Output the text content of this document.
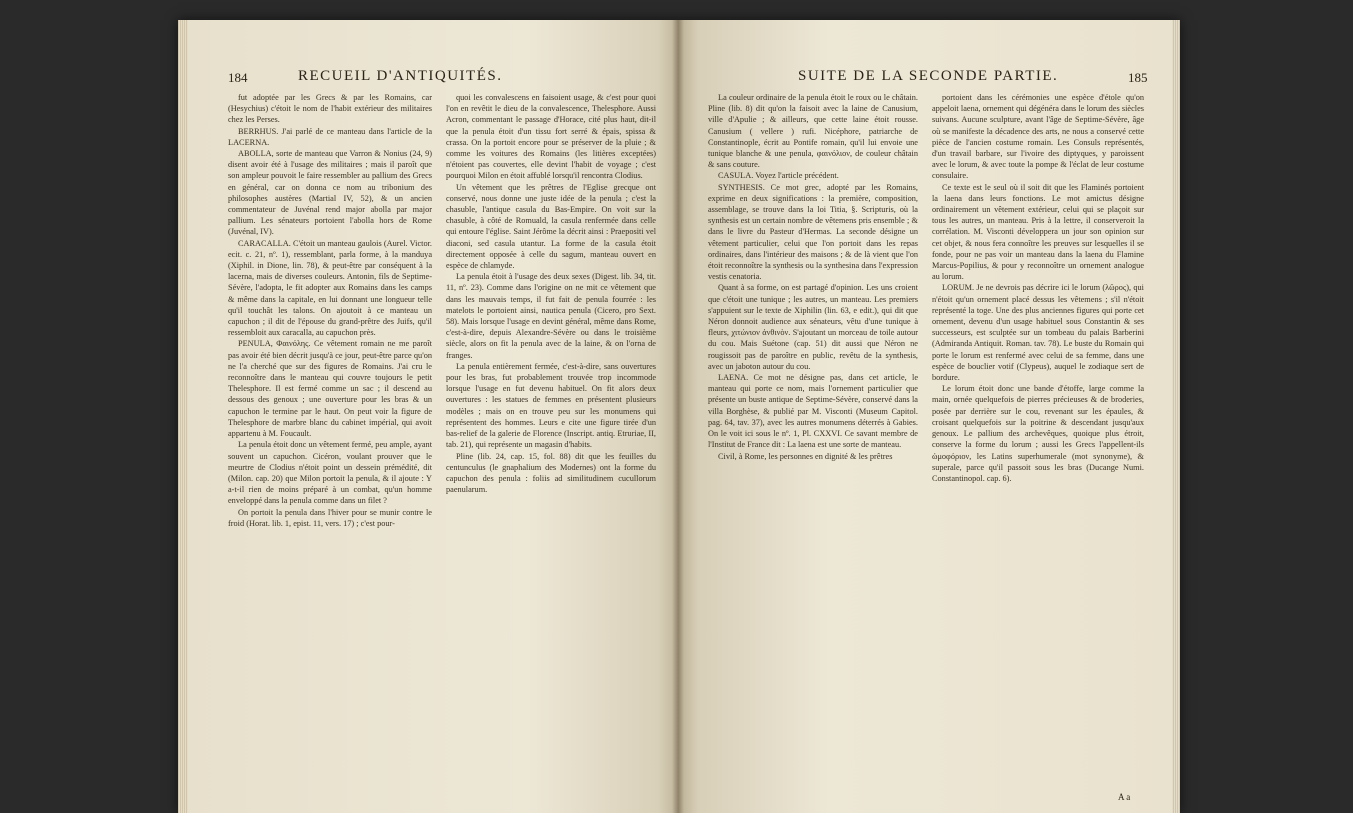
184	RECUEIL D'ANTIQUITÉS.

fut adoptée par les Grecs & par les Romains, car (Hesychius) c'étoit le nom de l'habit extérieur des militaires chez les Perses.

BERRHUS. J'ai parlé de ce manteau dans l'article de la LACERNA.

ABOLLA, sorte de manteau que Varron & Nonius (24, 9) disent avoir été à l'usage des militaires ; mais il paroît que son ampleur pouvoit le faire ressembler au pallium des Grecs en général, car on donna ce nom au tribonium des philosophes austères (Martial IV, 52), & un ancien commentateur de Juvénal rend major abolla par major pallium. Les sénateurs portoient l'abolla hors de Rome (Juvénal, IV).

CARACALLA. C'étoit un manteau gaulois (Aurel. Victor. ecit. c. 21, nº. 1), ressemblant, parla forme, à la manduya (Xiphil. in Dione, lin. 78), & peut-être par conséquent à la lacerna, mais de diverses couleurs. Antonin, fils de Septime-Sévère, l'adopta, le fit adopter aux Romains dans les camps & même dans la capitale, en lui donnant une longueur telle qu'il touchât les talons. On ajoutoit à ce manteau un capuchon ; il dit de l'épouse du grand-prêtre des Juifs, qu'il ressembloit aux caracalla, au capuchon près.

PENULA, Φαινόλης. Ce vêtement romain ne me paroît pas avoir été bien décrit jusqu'à ce jour, peut-être parce qu'on ne l'a cherché que sur des figures de Romains. J'ai cru le reconnoître dans le manteau qui couvre toujours le petit Thelesphore. Il est fermé comme un sac ; il descend au dessous des genoux ; une ouverture pour les bras & un capuchon le termine par le haut. On peut voir la figure de Thelesphore de marbre blanc du cabinet impérial, qui avoit appartenu à M. Foucault.

La penula étoit donc un vêtement fermé, peu ample, ayant souvent un capuchon. Cicéron, voulant prouver que le meurtre de Clodius n'étoit point un dessein prémédité, dit (Milon. cap. 20) que Milon portoit la penula, & il ajoute : Y a-t-il rien de moins préparé à un combat, qu'un homme enveloppé dans la penula comme dans un filet ?

On portoit la penula dans l'hiver pour se munir contre le froid (Horat. lib. 1, epist. 11, vers. 17) ; c'est pour-

quoi les convalescens en faisoient usage, & c'est pour quoi l'on en revêtit le dieu de la convalescence, Thelesphore. Aussi Acron, commentant le passage d'Horace, cité plus haut, dit-il que la penula étoit d'un tissu fort serré & épais, spissa & crassa. On la portoit encore pour se préserver de la pluie ; & comme les voitures des Romains (les litières exceptées) n'étoient pas couvertes, elle devint l'habit de voyage ; c'est pourquoi Milon en étoit affublé lorsqu'il rencontra Clodius.

Un vêtement que les prêtres de l'Eglise grecque ont conservé, nous donne une juste idée de la penula ; c'est la chasuble, l'antique casula du Bas-Empire. On voit sur la chasuble, à côté de Romuald, la casula renfermée dans celle qui entoure l'église. Saint Jérôme la décrit ainsi : Praepositi vel diaconi, sed casula utantur. La forme de la casula étoit directement opposée à celle du sagum, manteau ouvert en espèce de chlamyde.

La penula étoit à l'usage des deux sexes (Digest. lib. 34, tit. 11, nº. 23). Comme dans l'origine on ne mit ce vêtement que dans les mauvais temps, il fut fait de penula fourrée : les matelots le portoient ainsi, nautica penula (Cicero, pro Sext. 58). Mais lorsque l'usage en devint général, même dans Rome, c'est-à-dire, depuis Alexandre-Sévère ou dans le troisième siècle, alors on fit la penula avec de la laine, & on l'orna de franges.

La penula entièrement fermée, c'est-à-dire, sans ouvertures pour les bras, fut probablement trouvée trop incommode lorsque l'usage en fut devenu habituel. On fit alors deux ouvertures : les statues de femmes en présentent plusieurs modèles ; mais on en trouve peu sur les monumens qui représentent des hommes. Leurs e cite une figure tirée d'un bas-relief de la galerie de Florence (Inscript. antiq. Etruriae, II, tab. 21), qui représente un magasin d'habits.

Pline (lib. 24, cap. 15, fol. 88) dit que les feuilles du centunculus (le gnaphalium des Modernes) ont la forme du capuchon des penula : foliis ad similitudinem cucullorum paenularum.

SUITE DE LA SECONDE PARTIE.	185

La couleur ordinaire de la penula étoit le roux ou le châtain. Pline (lib. 8) dit qu'on la faisoit avec la laine de Canusium, ville d'Apulie ; & ailleurs, que cette laine étoit rousse. Canusium ( vellere ) rufi. Nicéphore, patriarche de Constantinople, écrit au Pontife romain, qu'il lui envoie une tunique blanche & une penula, φαινόλιον, de couleur châtain & sans couture.

CASULA. Voyez l'article précédent.

SYNTHESIS. Ce mot grec, adopté par les Romains, exprime en deux significations : la première, composition, assemblage, se trouve dans la loi Titia, §. Scripturis, où la synthesis est un certain nombre de vêtemens pris ensemble ; & dans le livre du Pasteur d'Hermas. La seconde désigne un vêtement particulier, celui que l'on portoit dans les repas ordinaires, dans l'intérieur des maisons ; & de là vient que l'on étoit reconnoître la synthesis ou la synthesina dans l'expression vestis cenatoria.

Quant à sa forme, on est partagé d'opinion. Les uns croient que c'étoit une tunique ; les autres, un manteau. Les premiers s'appuient sur le texte de Xiphilin (lin. 63, e edit.), qui dit que Néron donnoit audience aux sénateurs, vêtu d'une tunique à fleurs, χιτώνιον ἀνθινὸν. S'ajoutant un morceau de toile autour du cou. Mais Suétone (cap. 51) dit aussi que Néron ne rougissoit pas de paroître en public, revêtu de la synthesis, avec un jaboton autour du cou.

LAENA. Ce mot ne désigne pas, dans cet article, le manteau qui porte ce nom, mais l'ornement particulier que présente un buste antique de Septime-Sévère, conservé dans la villa Borghèse, & publié par M. Visconti (Museum Capitol. pag. 64, tav. 37), avec les autres monumens déterrés à Gabies. On le voit ici sous le nº. 1, Pl. CXXVI. Ce savant membre de l'Institut de France dit : La laena est une sorte de manteau.

Civil, à Rome, les personnes en dignité & les prêtres

portoient dans les cérémonies une espèce d'étole qu'on appeloit laena, ornement qui dégénéra dans le lorum des siècles suivans. Aucune sculpture, avant l'âge de Septime-Sévère, âge où se manifeste la décadence des arts, ne nous a conservé cette pièce de l'ancien costume romain. Les Consuls représentés, d'un travail barbare, sur l'ivoire des diptyques, y paroissent avec le lorum, & avec toute la pompe & l'éclat de leur costume consulaire.

Ce texte est le seul où il soit dit que les Flaminés portoient la laena dans leurs fonctions. Le mot amictus désigne ordinairement un vêtement extérieur, celui qui se plaçoit sur tous les autres, un manteau. Pris à la lettre, il conserveroit la corrélation. M. Visconti développera un jour son opinion sur cet objet, & nous fera connoître les preuves sur lesquelles il se fonde, pour ne pas voir un manteau dans la laena du Flamine Marcus-Popilius, & pour y reconnoître un ornement analogue au lorum.

LORUM. Je ne devrois pas décrire ici le lorum (λῶρος), qui n'étoit qu'un ornement placé dessus les vêtemens ; s'il n'étoit représenté la toge. Une des plus anciennes figures qui porte cet ornement, devenu d'un usage habituel sous Constantin & ses successeurs, est sculptée sur un tombeau du palais Barberini (Admiranda Antiquit. Roman. tav. 78). Le buste du Romain qui porte le lorum est renfermé avec celui de sa femme, dans une espèce de bouclier votif (Clypeus), auquel le zodiaque sert de bordure.

Le lorum étoit donc une bande d'étoffe, large comme la main, ornée quelquefois de pierres précieuses & de broderies, posée par derrière sur le cou, revenant sur les épaules, & croisant quelquefois sur la poitrine & descendant jusqu'aux genoux. Le pallium des archevêques, quoique plus étroit, conserve la forme du lorum ; aussi les Grecs l'appellent-ils ὠμοφόριον, les Latins superhumerale (mot synonyme), & superale, parce qu'il passoit sous les bras (Ducange Numi. Constantinopol. cap. 6).

A a
